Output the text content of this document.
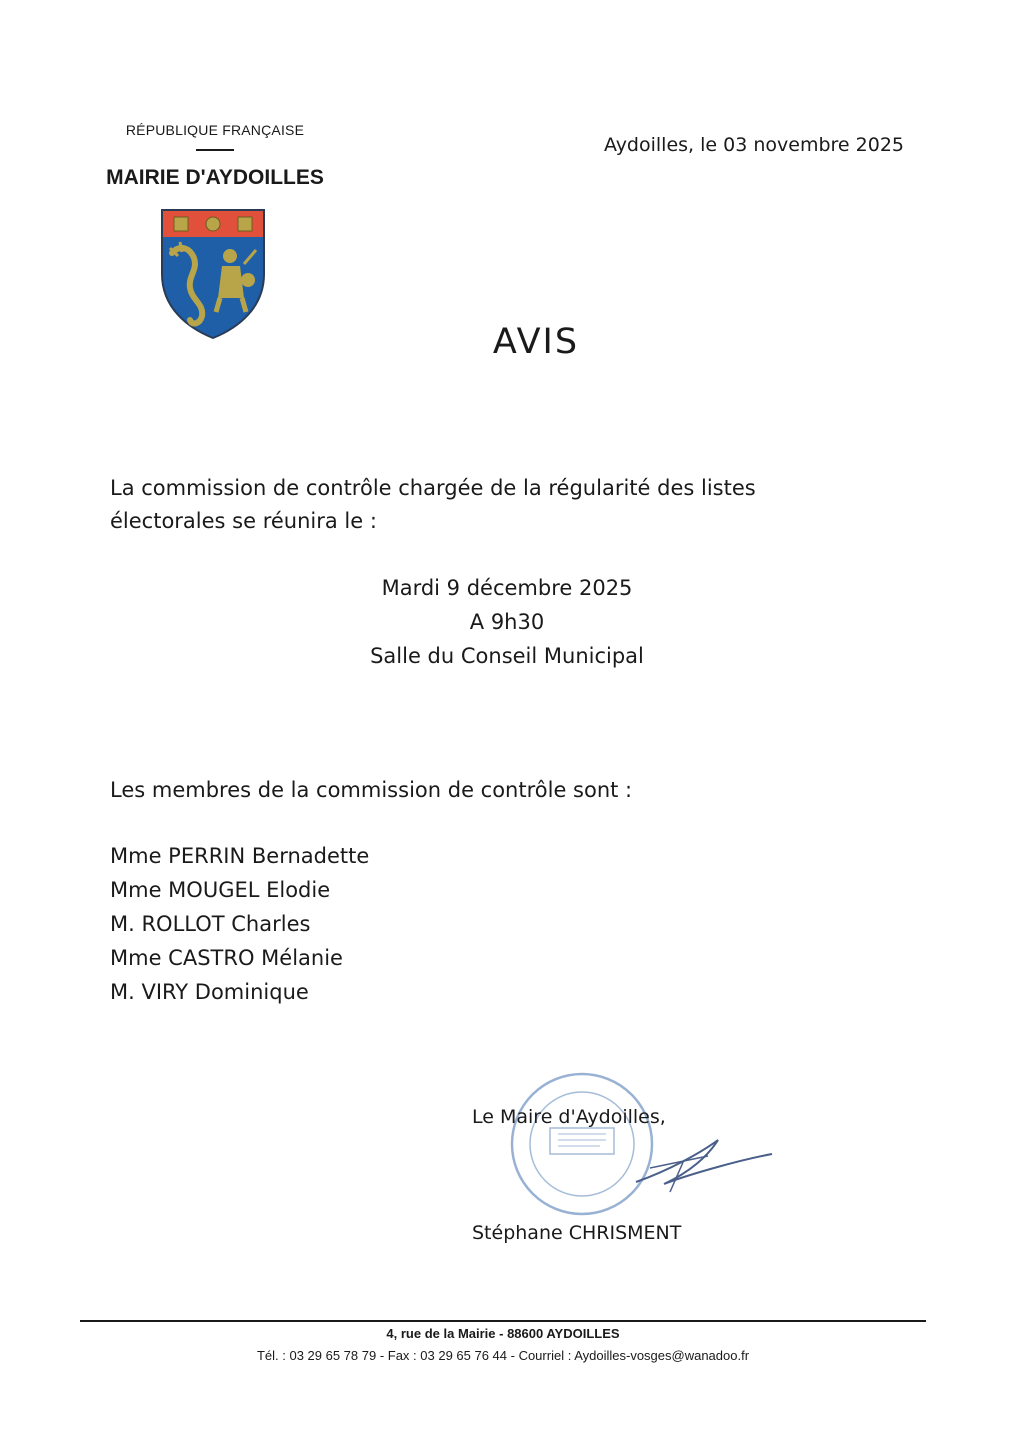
RÉPUBLIQUE FRANÇAISE
MAIRIE D'AYDOILLES
Aydoilles, le 03 novembre 2025
AVIS
La commission de contrôle chargée de la régularité des listes
électorales se réunira le :
Mardi 9 décembre 2025
A 9h30
Salle du Conseil Municipal
Les membres de la commission de contrôle sont :
Mme PERRIN Bernadette
Mme MOUGEL Elodie
M. ROLLOT Charles
Mme CASTRO Mélanie
M. VIRY Dominique
Le Maire d'Aydoilles,
Stéphane CHRISMENT
4, rue de la Mairie - 88600 AYDOILLES
Tél. : 03 29 65 78 79 - Fax : 03 29 65 76 44 - Courriel : Aydoilles-vosges@wanadoo.fr
